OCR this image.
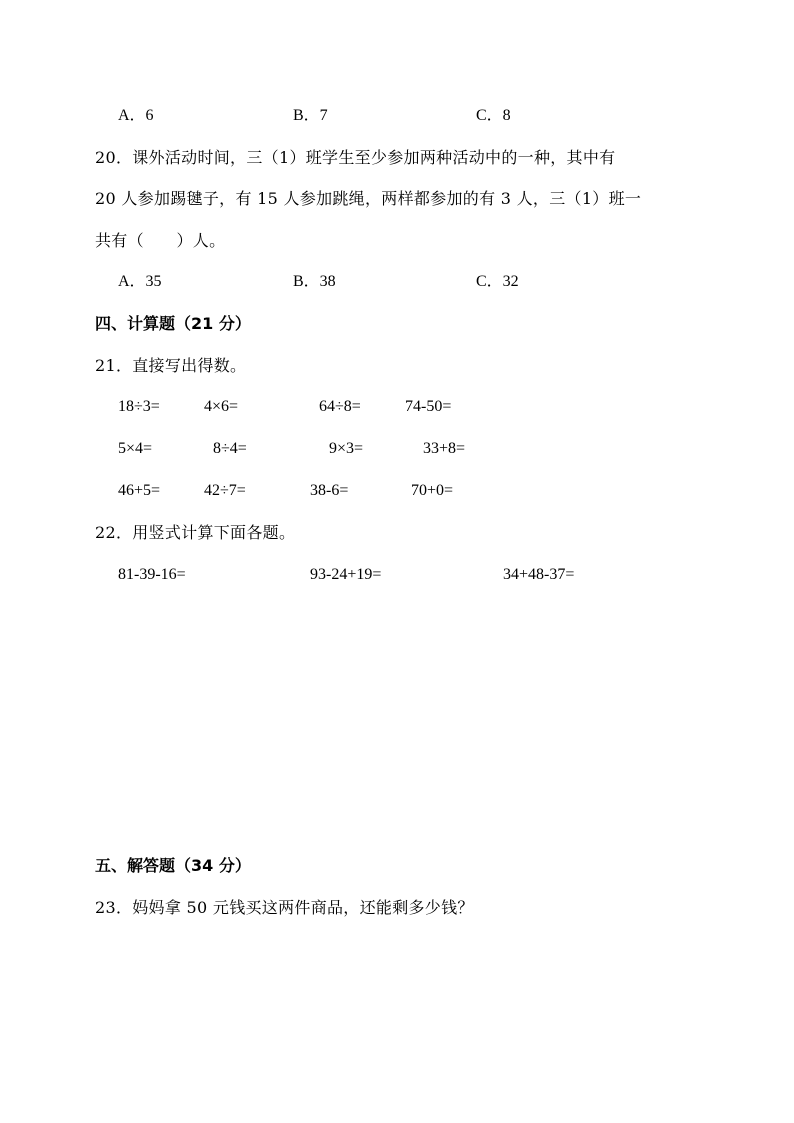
A．6	B．7	C．8
20．课外活动时间，三（1）班学生至少参加两种活动中的一种，其中有
20 人参加踢毽子，有 15 人参加跳绳，两样都参加的有 3 人，三（1）班一
共有（　　）人。
A．35	B．38	C．32
四、计算题（21 分）
21．直接写出得数。
18÷3=	4×6=	64÷8=	74-50=
5×4=	8÷4=	9×3=	33+8=
46+5=	42÷7=	38-6=	70+0=
22．用竖式计算下面各题。
81-39-16=	93-24+19=	34+48-37=
五、解答题（34 分）
23．妈妈拿 50 元钱买这两件商品，还能剩多少钱？
